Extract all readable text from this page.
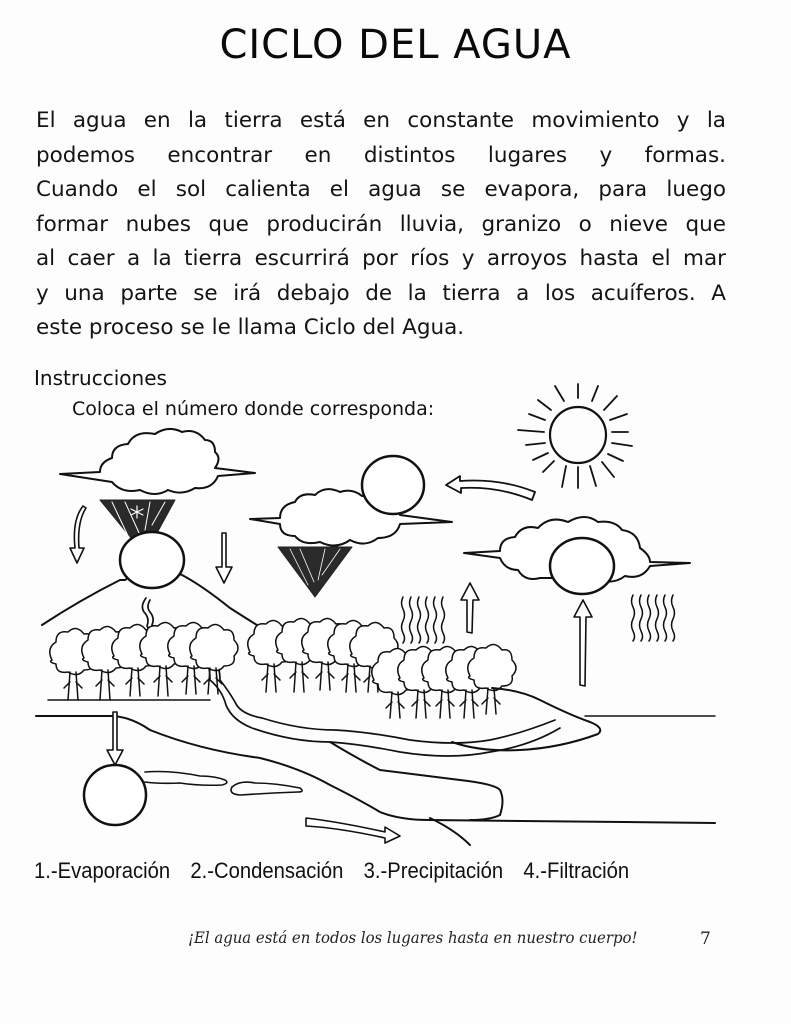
CICLO DEL AGUA

El agua en la tierra está en constante movimiento y la
podemos encontrar en distintos lugares y formas.
Cuando el sol calienta el agua se evapora, para luego
formar nubes que producirán lluvia, granizo o nieve que
al caer a la tierra escurrirá por ríos y arroyos hasta el mar
y una parte se irá debajo de la tierra a los acuíferos. A
este proceso se le llama Ciclo del Agua.

Instrucciones
Coloca el número donde corresponda:
1.-Evaporación 2.-Condensación 3.-Precipitación 4.-Filtración
¡El agua está en todos los lugares hasta en nuestro cuerpo!	7
